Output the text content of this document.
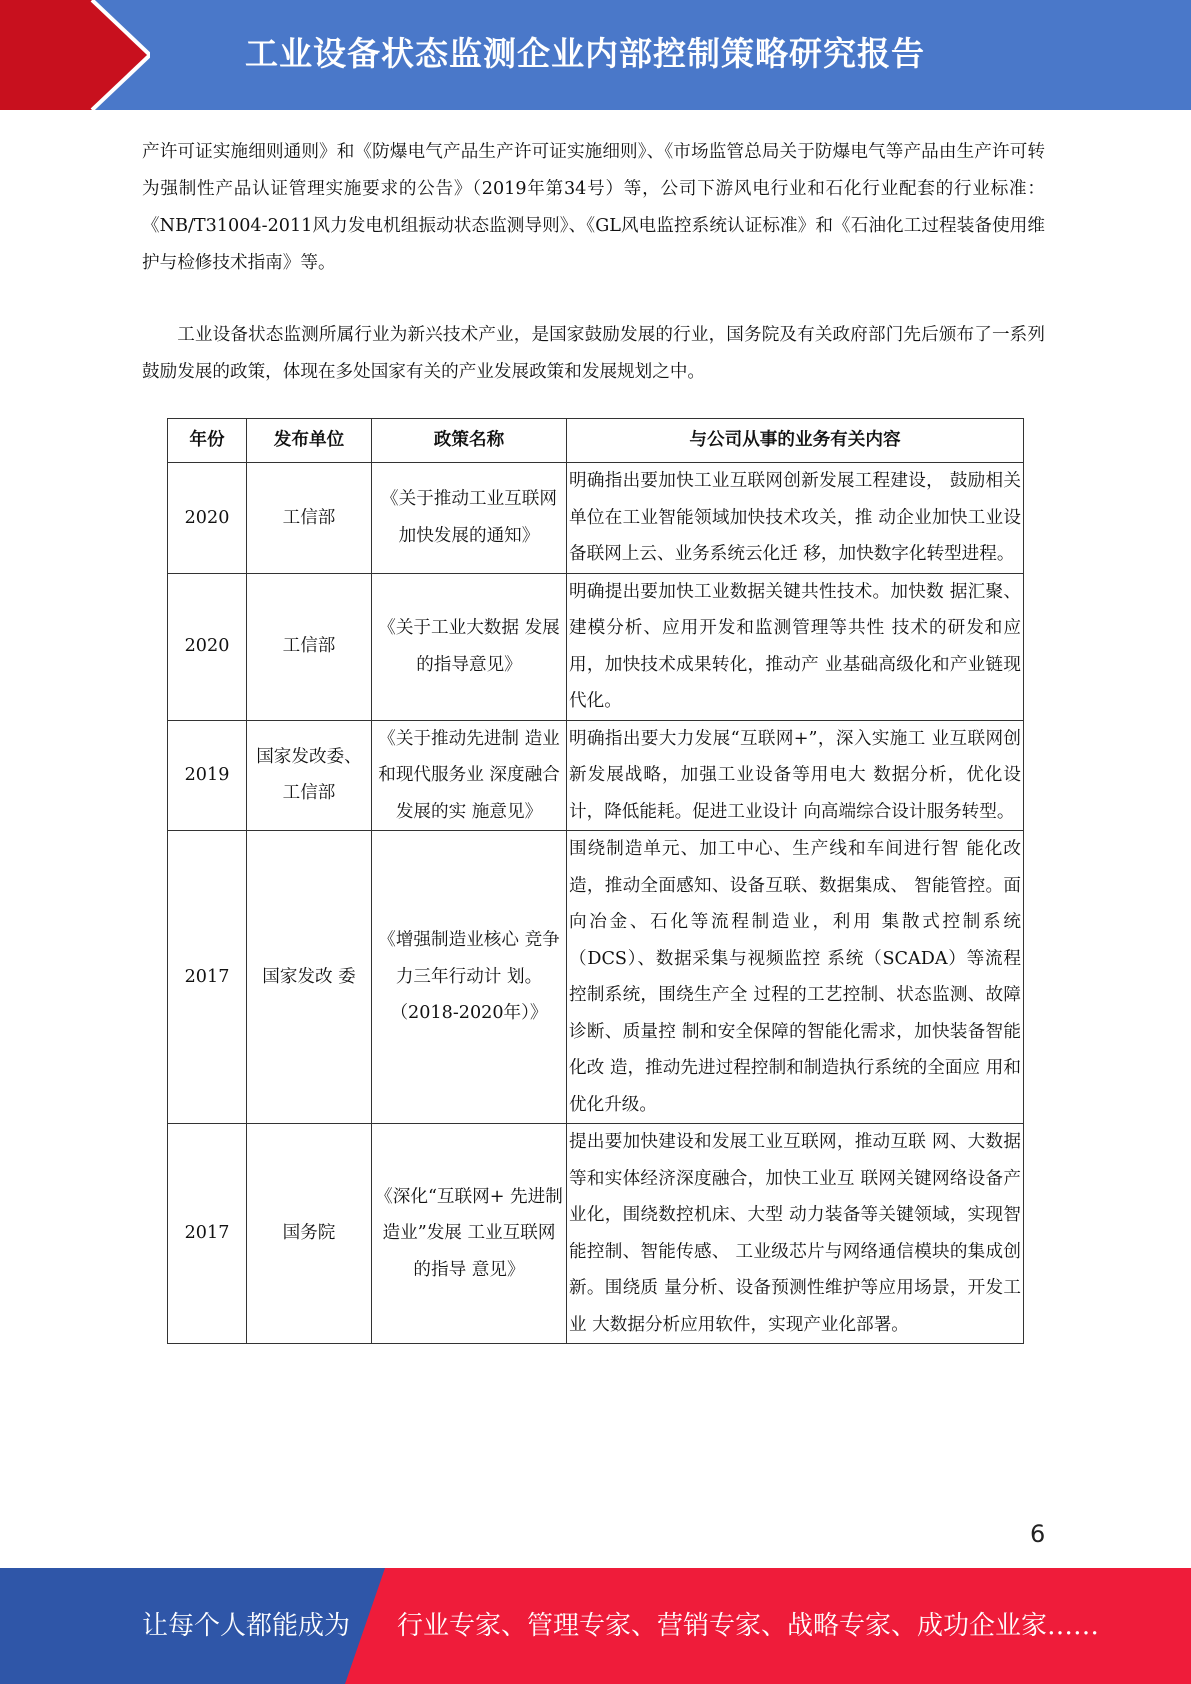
工业设备状态监测企业内部控制策略研究报告

产许可证实施细则通则》和《防爆电气产品生产许可证实施细则》、《市场监管总局关于防爆电气等产品由生产许可转为强制性产品认证管理实施要求的公告》（2019年第34号）等，公司下游风电行业和石化行业配套的行业标准：《NB/T31004-2011风力发电机组振动状态监测导则》、《GL风电监控系统认证标准》和《石油化工过程装备使用维护与检修技术指南》等。

工业设备状态监测所属行业为新兴技术产业，是国家鼓励发展的行业，国务院及有关政府部门先后颁布了一系列鼓励发展的政策，体现在多处国家有关的产业发展政策和发展规划之中。

年份	发布单位	政策名称	与公司从事的业务有关内容
2020	工信部	《关于推动工业互联网加快发展的通知》	明确指出要加快工业互联网创新发展工程建设， 鼓励相关单位在工业智能领域加快技术攻关，推 动企业加快工业设备联网上云、业务系统云化迁 移，加快数字化转型进程。
2020	工信部	《关于工业大数据 发展的指导意见》	明确提出要加快工业数据关键共性技术。加快数 据汇聚、建模分析、应用开发和监测管理等共性 技术的研发和应用，加快技术成果转化，推动产 业基础高级化和产业链现代化。
2019	国家发改委、工信部	《关于推动先进制 造业和现代服务业 深度融合发展的实 施意见》	明确指出要大力发展“互联网+”，深入实施工 业互联网创新发展战略，加强工业设备等用电大 数据分析，优化设计，降低能耗。促进工业设计 向高端综合设计服务转型。
2017	国家发改 委	《增强制造业核心 竞争力三年行动计 划。（2018-2020年）》	围绕制造单元、加工中心、生产线和车间进行智 能化改造，推动全面感知、设备互联、数据集成、 智能管控。面向冶金、石化等流程制造业，利用 集散式控制系统（DCS）、数据采集与视频监控 系统（SCADA）等流程控制系统，围绕生产全 过程的工艺控制、状态监测、故障诊断、质量控 制和安全保障的智能化需求，加快装备智能化改 造，推动先进过程控制和制造执行系统的全面应 用和优化升级。
2017	国务院	《深化“互联网+ 先进制造业”发展 工业互联网的指导 意见》	提出要加快建设和发展工业互联网，推动互联 网、大数据等和实体经济深度融合，加快工业互 联网关键网络设备产业化，围绕数控机床、大型 动力装备等关键领域，实现智能控制、智能传感、 工业级芯片与网络通信模块的集成创新。围绕质 量分析、设备预测性维护等应用场景，开发工业 大数据分析应用软件，实现产业化部署。
6
让每个人都能成为 行业专家、管理专家、营销专家、战略专家、成功企业家……
